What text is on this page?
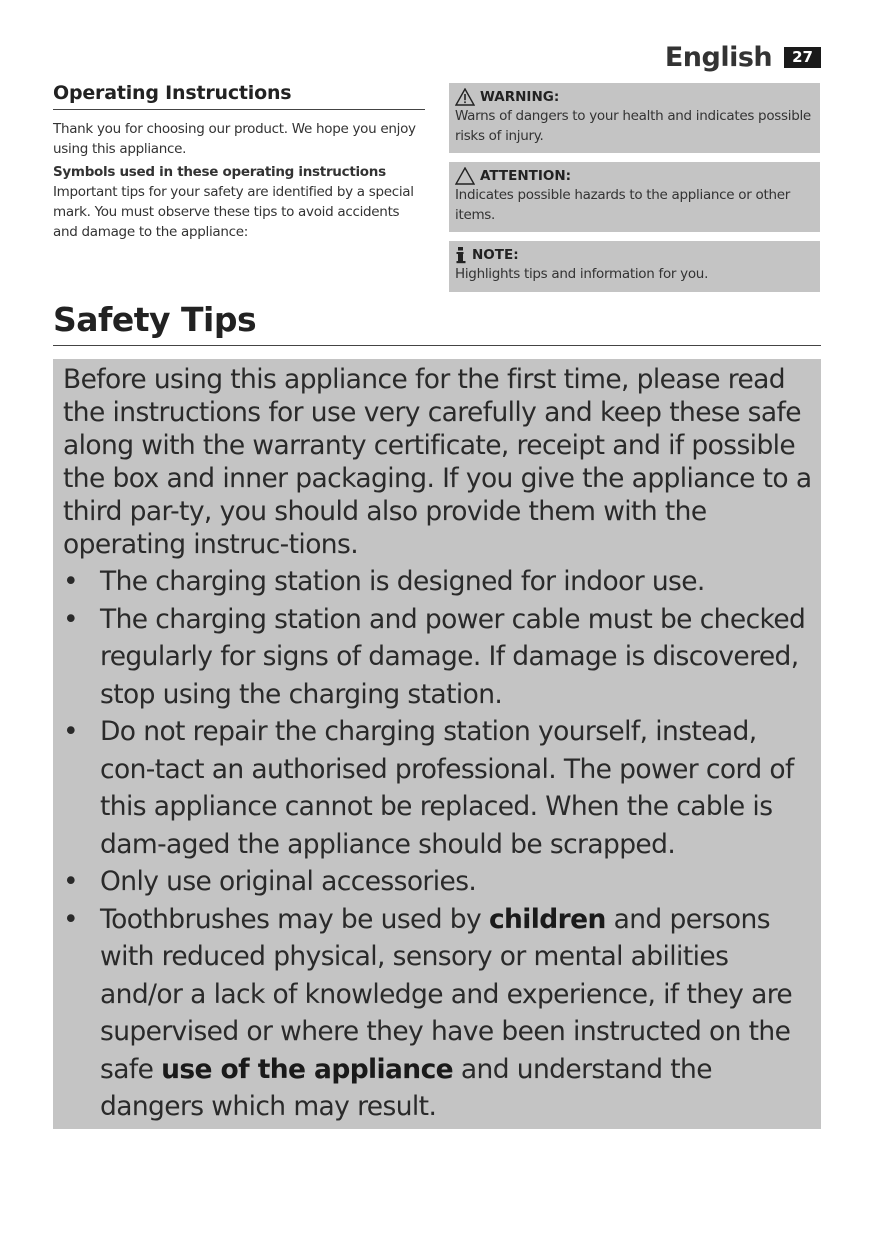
English	27
Operating Instructions

Thank you for choosing our product. We hope you enjoy using this appliance.

Symbols used in these operating instructions

Important tips for your safety are identified by a special mark. You must observe these tips to avoid accidents and damage to the appliance:

WARNING:
Warns of dangers to your health and indicates possible risks of injury.
ATTENTION:
Indicates possible hazards to the appliance or other items.
NOTE:
Highlights tips and information for you.
Safety Tips

Before using this appliance for the first time, please read the instructions for use very carefully and keep these safe along with the warranty certificate, receipt and if possible the box and inner packaging. If you give the appliance to a third par-ty, you should also provide them with the operating instruc-tions.

• The charging station is designed for indoor use.
• The charging station and power cable must be checked regularly for signs of damage. If damage is discovered, stop using the charging station.
• Do not repair the charging station yourself, instead, con-tact an authorised professional. The power cord of this appliance cannot be replaced. When the cable is dam-aged the appliance should be scrapped.
• Only use original accessories.
• Toothbrushes may be used by children and persons with reduced physical, sensory or mental abilities and/or a lack of knowledge and experience, if they are supervised or where they have been instructed on the safe use of the appliance and understand the dangers which may result.
